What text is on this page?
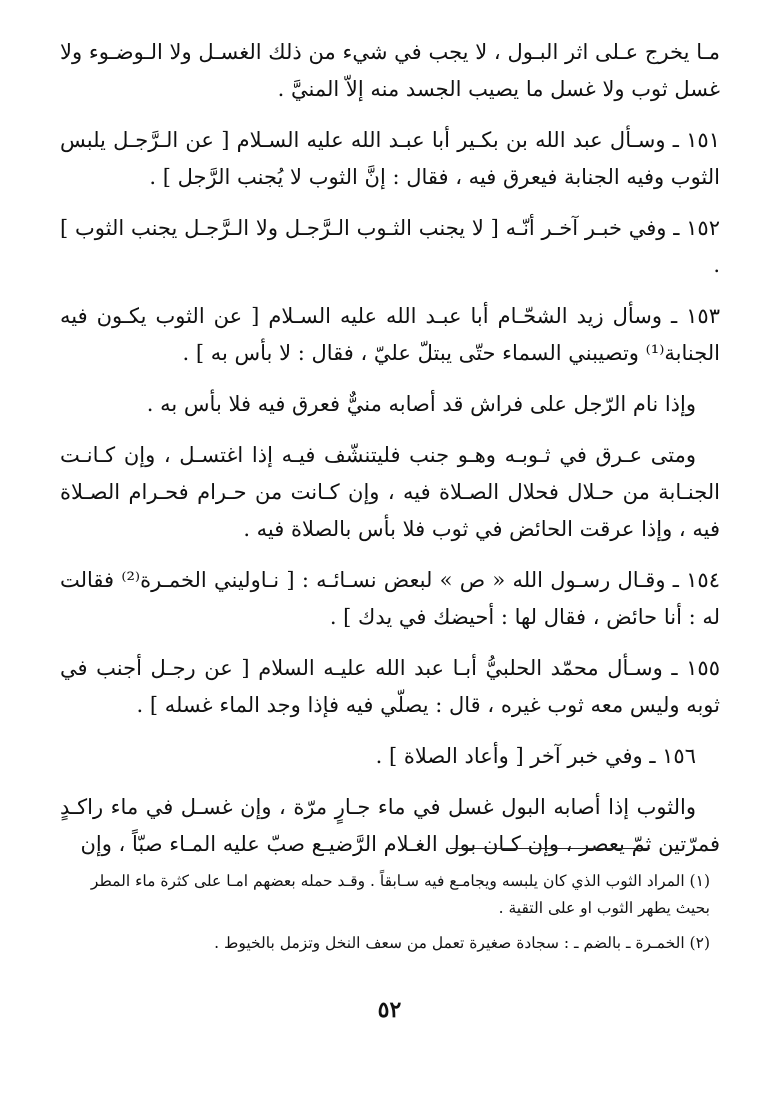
مـا يخرج عـلى اثر البـول ، لا يجب في شيء من ذلك الغسـل ولا الـوضـوء ولا غسل ثوب ولا غسل ما يصيب الجسد منه إلاّ المنيَّ .

١٥١ ـ وسـأل عبد الله بن بكـير أبا عبـد الله عليه السـلام [ عن الـرَّجـل يلبس الثوب وفيه الجنابة فيعرق فيه ، فقال : إنَّ الثوب لا يُجنب الرَّجل ] .

١٥٢ ـ وفي خبـر آخـر أنّـه [ لا يجنب الثـوب الـرَّجـل ولا الـرَّجـل يجنب الثوب ] .

١٥٣ ـ وسأل زيد الشحّـام أبا عبـد الله عليه السـلام [ عن الثوب يكـون فيه الجنابة⁽¹⁾ وتصيبني السماء حتّى يبتلّ عليّ ، فقال : لا بأس به ] .

وإذا نام الرّجل على فراش قد أصابه منيٌّ فعرق فيه فلا بأس به .

ومتى عـرق في ثـوبـه وهـو جنب فليتنشّف فيـه إذا اغتسـل ، وإن كـانـت الجنـابة من حـلال فحلال الصـلاة فيه ، وإن كـانت من حـرام فحـرام الصـلاة فيه ، وإذا عرقت الحائض في ثوب فلا بأس بالصلاة فيه .

١٥٤ ـ وقـال رسـول الله « ص » لبعض نسـائـه : [ نـاوليني الخمـرة⁽²⁾ فقالت له : أنا حائض ، فقال لها : أحيضك في يدك ] .

١٥٥ ـ وسـأل محمّد الحلبيُّ أبـا عبد الله عليـه السلام [ عن رجـل أجنب في ثوبه وليس معه ثوب غيره ، قال : يصلّي فيه فإذا وجد الماء غسله ] .

١٥٦ ـ وفي خبر آخر [ وأعاد الصلاة ] .

والثوب إذا أصابه البول غسل في ماء جـارٍ مرّة ، وإن غسـل في ماء راكـدٍ فمرّتين ثمّ يعصر ، وإن كـان بول الغـلام الرَّضيـع صبّ عليه المـاء صبّاً ، وإن

(١) المراد الثوب الذي كان يلبسه ويجامـع فيه سـابقاً . وقـد حمله بعضهم امـا على كثرة ماء المطر بحيث يطهر الثوب او على التقية .

(٢) الخمـرة ـ بالضم ـ : سجادة صغيرة تعمل من سعف النخل وتزمل بالخيوط .

٥٢
